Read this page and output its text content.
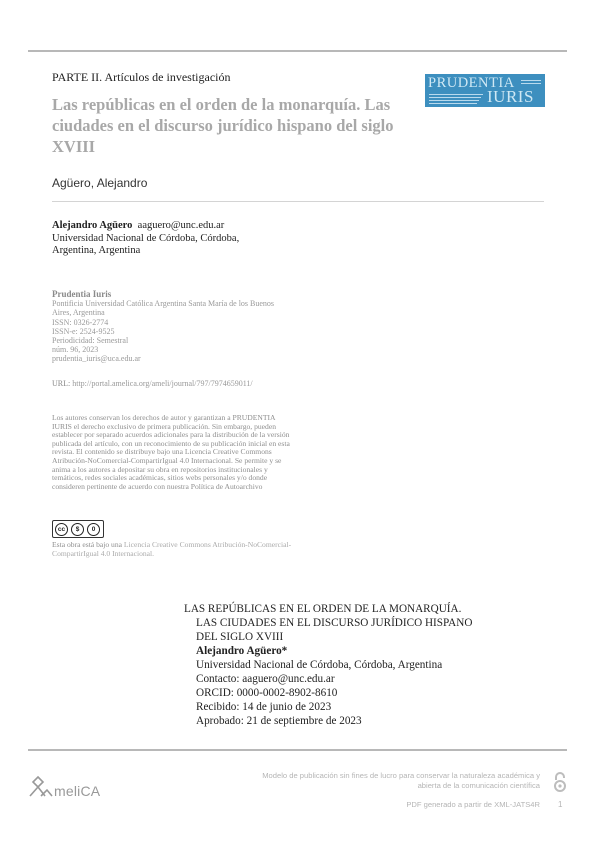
PARTE II. Artículos de investigación
Las repúblicas en el orden de la monarquía. Las ciudades en el discurso jurídico hispano del siglo XVIII
Agüero, Alejandro
PRUDENTIA
IURIS
Alejandro Agüero aaguero@unc.edu.ar
Universidad Nacional de Córdoba, Córdoba,
Argentina, Argentina
Prudentia Iuris
Pontificia Universidad Católica Argentina Santa María de los Buenos
Aires, Argentina
ISSN: 0326-2774
ISSN-e: 2524-9525
Periodicidad: Semestral
núm. 96, 2023
prudentia_iuris@uca.edu.ar
URL: http://portal.amelica.org/ameli/journal/797/7974659011/
Los autores conservan los derechos de autor y garantizan a PRUDENTIA IURIS el derecho exclusivo de primera publicación. Sin embargo, pueden establecer por separado acuerdos adicionales para la distribución de la versión publicada del artículo, con un reconocimiento de su publicación inicial en esta revista. El contenido se distribuye bajo una Licencia Creative Commons Atribución-NoComercial-CompartirIgual 4.0 Internacional. Se permite y se anima a los autores a depositar su obra en repositorios institucionales y temáticos, redes sociales académicas, sitios webs personales y/o donde consideren pertinente de acuerdo con nuestra Política de Autoarchivo
cc	$	0
Esta obra está bajo una Licencia Creative Commons Atribución-NoComercial-CompartirIgual 4.0 Internacional.
LAS REPÚBLICAS EN EL ORDEN DE LA MONARQUÍA.
LAS CIUDADES EN EL DISCURSO JURÍDICO HISPANO
DEL SIGLO XVIII
Alejandro Agüero*
Universidad Nacional de Córdoba, Córdoba, Argentina
Contacto: aaguero@unc.edu.ar
ORCID: 0000-0002-8902-8610
Recibido: 14 de junio de 2023
Aprobado: 21 de septiembre de 2023
meliCA
Modelo de publicación sin fines de lucro para conservar la naturaleza académica y
abierta de la comunicación científica
PDF generado a partir de XML-JATS4R 1
